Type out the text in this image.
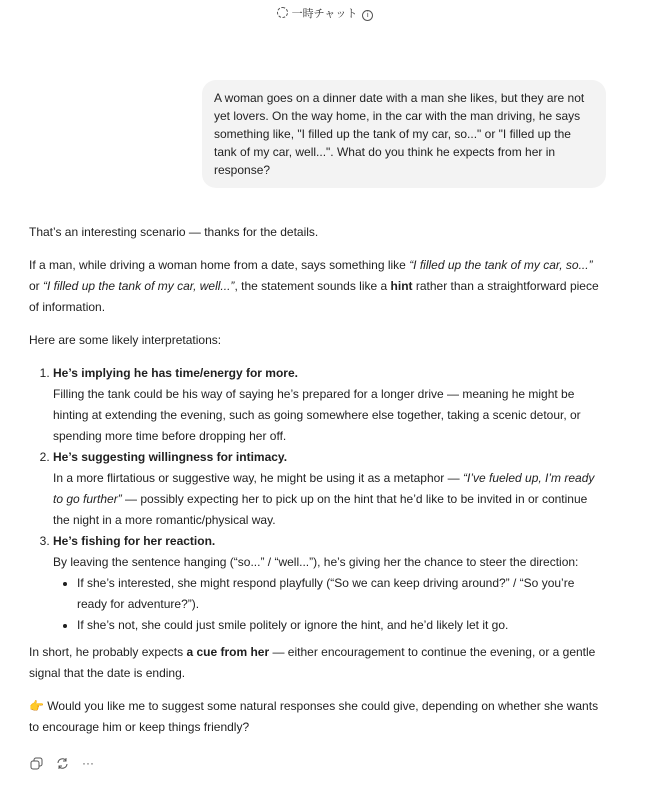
一時チャット i
A woman goes on a dinner date with a man she likes, but they are not yet lovers. On the way home, in the car with the man driving, he says something like, "I filled up the tank of my car, so..." or "I filled up the tank of my car, well...". What do you think he expects from her in response?

That’s an interesting scenario — thanks for the details.

If a man, while driving a woman home from a date, says something like “I filled up the tank of my car, so...” or “I filled up the tank of my car, well...”, the statement sounds like a hint rather than a straightforward piece of information.

Here are some likely interpretations:

1. He’s implying he has time/energy for more.
Filling the tank could be his way of saying he’s prepared for a longer drive — meaning he might be hinting at extending the evening, such as going somewhere else together, taking a scenic detour, or spending more time before dropping her off.
2. He’s suggesting willingness for intimacy.
In a more flirtatious or suggestive way, he might be using it as a metaphor — “I’ve fueled up, I’m ready to go further” — possibly expecting her to pick up on the hint that he’d like to be invited in or continue the night in a more romantic/physical way.
3. He’s fishing for her reaction.
By leaving the sentence hanging (“so...” / “well...”), he’s giving her the chance to steer the direction:
• If she’s interested, she might respond playfully (“So we can keep driving around?” / “So you’re ready for adventure?”).
• If she’s not, she could just smile politely or ignore the hint, and he’d likely let it go.

In short, he probably expects a cue from her — either encouragement to continue the evening, or a gentle signal that the date is ending.

👉 Would you like me to suggest some natural responses she could give, depending on whether she wants to encourage him or keep things friendly?

···
